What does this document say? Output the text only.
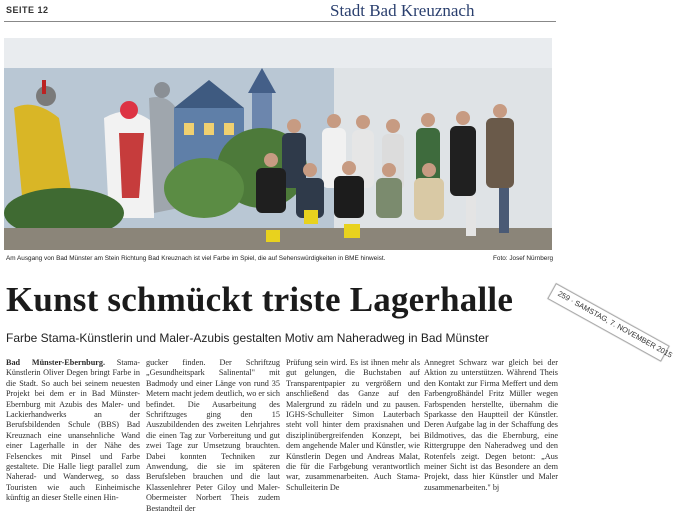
SEITE 12	Stadt Bad Kreuznach
Am Ausgang von Bad Münster am Stein Richtung Bad Kreuznach ist viel Farbe im Spiel, die auf Sehenswürdigkeiten in BME hinweist.	Foto: Josef Nürnberg
Kunst schmückt triste Lagerhalle
Farbe Stama-Künstlerin und Maler-Azubis gestalten Motiv am Naheradweg in Bad Münster

Bad Münster-Ebernburg. Stama-Künstlerin Oliver Degen bringt Farbe in die Stadt. So auch bei seinem neuesten Projekt bei dem er in Bad Münster-Ebernburg mit Azubis des Maler- und Lackierhandwerks an der Berufsbildenden Schule (BBS) Bad Kreuznach eine unansehnliche Wand einer Lagerhalle in der Nähe des Felsenckes mit Pinsel und Farbe gestaltete. Die Halle liegt parallel zum Naherad- und Wanderweg, so dass Touristen wie auch Einheimische künftig an dieser Stelle einen Hin-

gucker finden. Der Schriftzug „Gesundheitspark Salinental" mit Badmody und einer Länge von rund 35 Metern macht jedem deutlich, wo er sich befindet. Die Ausarbeitung des Schriftzuges ging den 15 Auszubildenden des zweiten Lehrjahres die einen Tag zur Vorbereitung und gut zwei Tage zur Umsetzung brauchten. Dabei konnten Techniken zur Anwendung, die sie im späteren Berufsleben brauchen und die laut Klassenlehrer Peter Giloy und Maler-Obermeister Norbert Theis zudem Bestandteil der

Prüfung sein wird. Es ist ihnen mehr als gut gelungen, die Buchstaben auf Transparentpapier zu vergrößern und anschließend das Ganze auf den Malergrund zu rädeln und zu pausen. IGHS-Schulleiter Simon Lauterbach steht voll hinter dem praxisnahen und disziplinübergreifenden Konzept, bei dem angehende Maler und Künstler, wie Künstlerin Degen und Andreas Malat, die für die Farbgebung verantwortlich war, zusammenarbeiten. Auch Stama-Schulleiterin De

Annegret Schwarz war gleich bei der Aktion zu unterstützen. Während Theis den Kontakt zur Firma Meffert und dem Farbengroßhändel Fritz Müller wegen Farbspenden herstellte, übernahm die Sparkasse den Hauptteil der Künstler. Deren Aufgabe lag in der Schaffung des Bildmotives, das die Ebernburg, eine Rittergruppe den Naheradweg und den Rotenfels zeigt. Degen betont: „Aus meiner Sicht ist das Besondere an dem Projekt, dass hier Künstler und Maler zusammenarbeiten." bj

259 · SAMSTAG, 7. NOVEMBER 2015
